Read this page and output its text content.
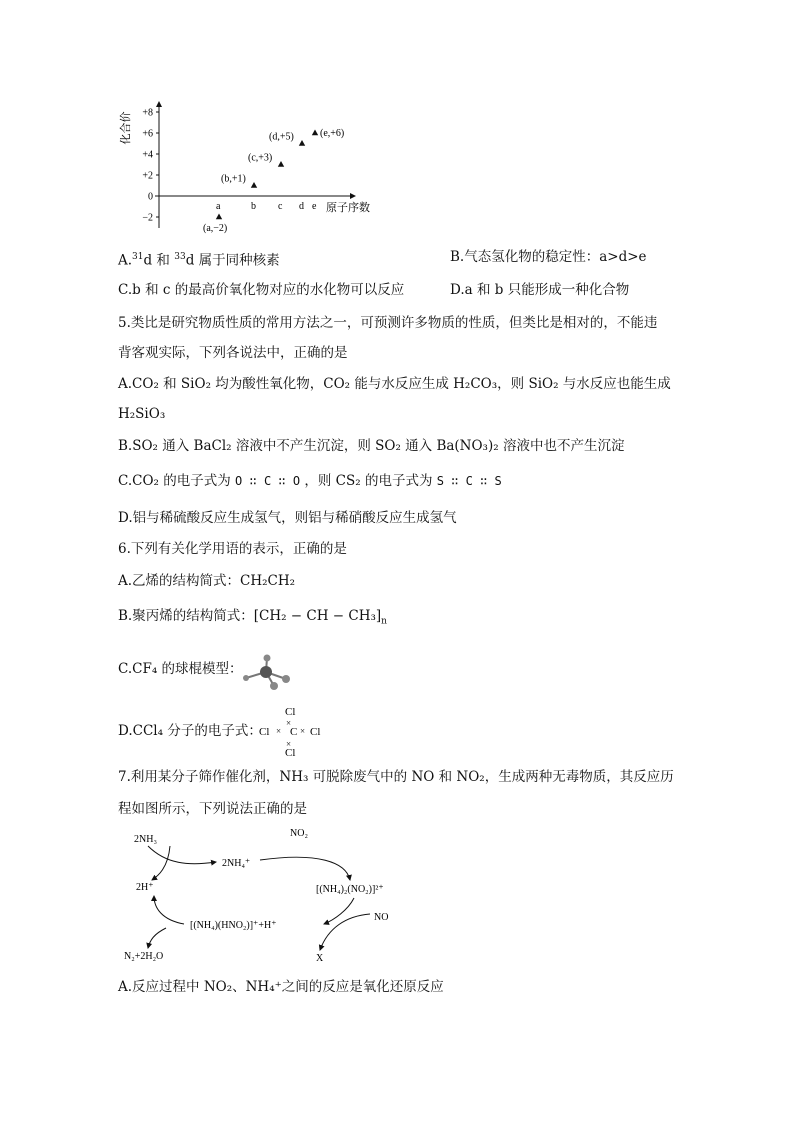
化合价
原子序数
+8
+6
+4
+2
0
−2
a	b c d e
(a,−2)
(b,+1)
(c,+3)
(d,+5)	(e,+6)
A.$^{31}$d 和 $^{33}$d 属于同种核素	B.气态氢化物的稳定性：a>d>e
C.b 和 c 的最高价氧化物对应的水化物可以反应	D.a 和 b 只能形成一种化合物
5.类比是研究物质性质的常用方法之一，可预测许多物质的性质，但类比是相对的，不能违
背客观实际，下列各说法中，正确的是
A.CO₂ 和 SiO₂ 均为酸性氧化物，CO₂ 能与水反应生成 H₂CO₃，则 SiO₂ 与水反应也能生成
H₂SiO₃
B.SO₂ 通入 BaCl₂ 溶液中不产生沉淀，则 SO₂ 通入 Ba(NO₃)₂ 溶液中也不产生沉淀
C.CO₂ 的电子式为 O ∷ C ∷ O ，则 CS₂ 的电子式为 S ∷ C ∷ S
D.铝与稀硫酸反应生成氢气，则铝与稀硝酸反应生成氢气
6.下列有关化学用语的表示，正确的是
A.乙烯的结构简式：CH₂CH₂
B.聚丙烯的结构简式：[CH₂ − CH − $CH_3]_n$
C.CF₄ 的球棍模型：
D.CCl₄ 分子的电子式：
Cl
Cl C Cl
Cl
×
× ×
×
7.利用某分子筛作催化剂，NH₃ 可脱除废气中的 NO 和 NO₂，生成两种无毒物质，其反应历
程如图所示，下列说法正确的是
2NH₃
2NH₄⁺
NO₂
[(NH₄)₂(NO₂)]²⁺
NO
X
2H⁺
[(NH₄)(HNO₂)]⁺+H⁺
N₂+2H₂O
A.反应过程中 NO₂、NH₄⁺之间的反应是氧化还原反应
